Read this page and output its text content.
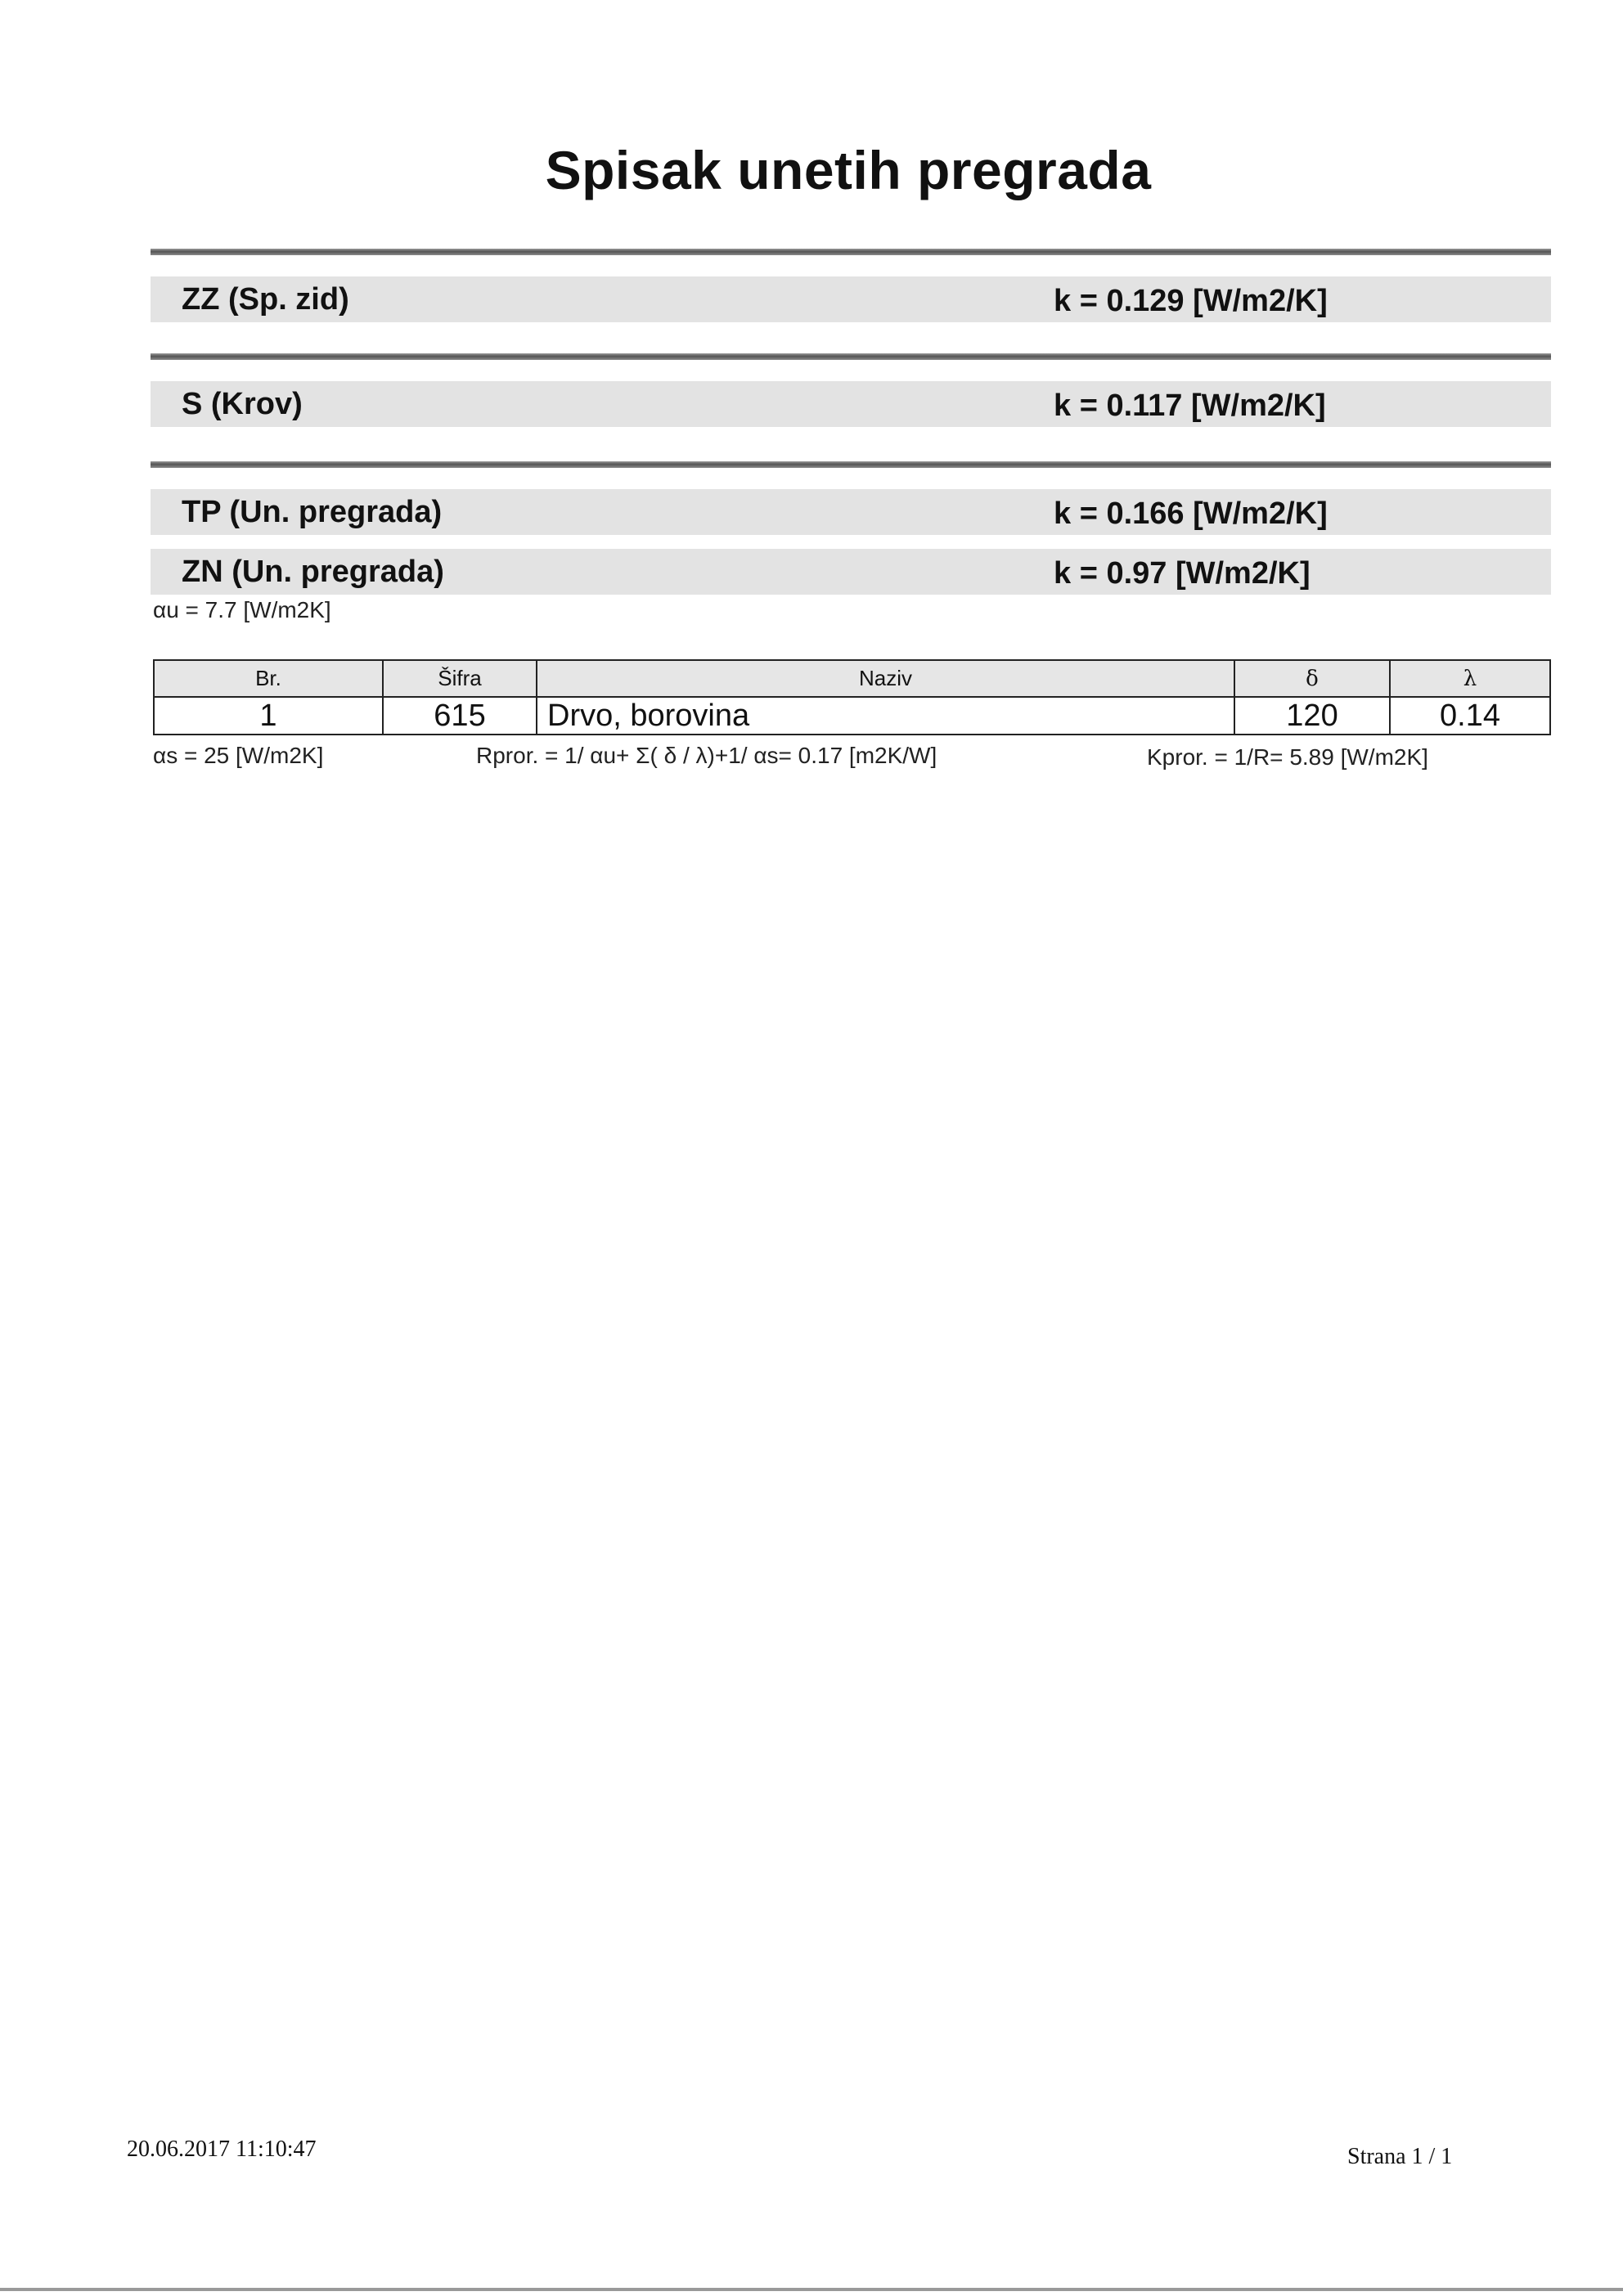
Spisak unetih pregrada
ZZ (Sp. zid)	k = 0.129 [W/m2/K]
S (Krov)	k = 0.117 [W/m2/K]
TP (Un. pregrada)	k = 0.166 [W/m2/K]
ZN (Un. pregrada)	k = 0.97 [W/m2/K]
αu = 7.7 [W/m2K]
Br.	Šifra	Naziv	δ	λ
1	615	Drvo, borovina	120	0.14
αs = 25 [W/m2K]	Rpror. = 1/ αu+ Σ( δ / λ)+1/ αs= 0.17 [m2K/W]	Kpror. = 1/R= 5.89 [W/m2K]
20.06.2017 11:10:47	Strana 1 / 1
